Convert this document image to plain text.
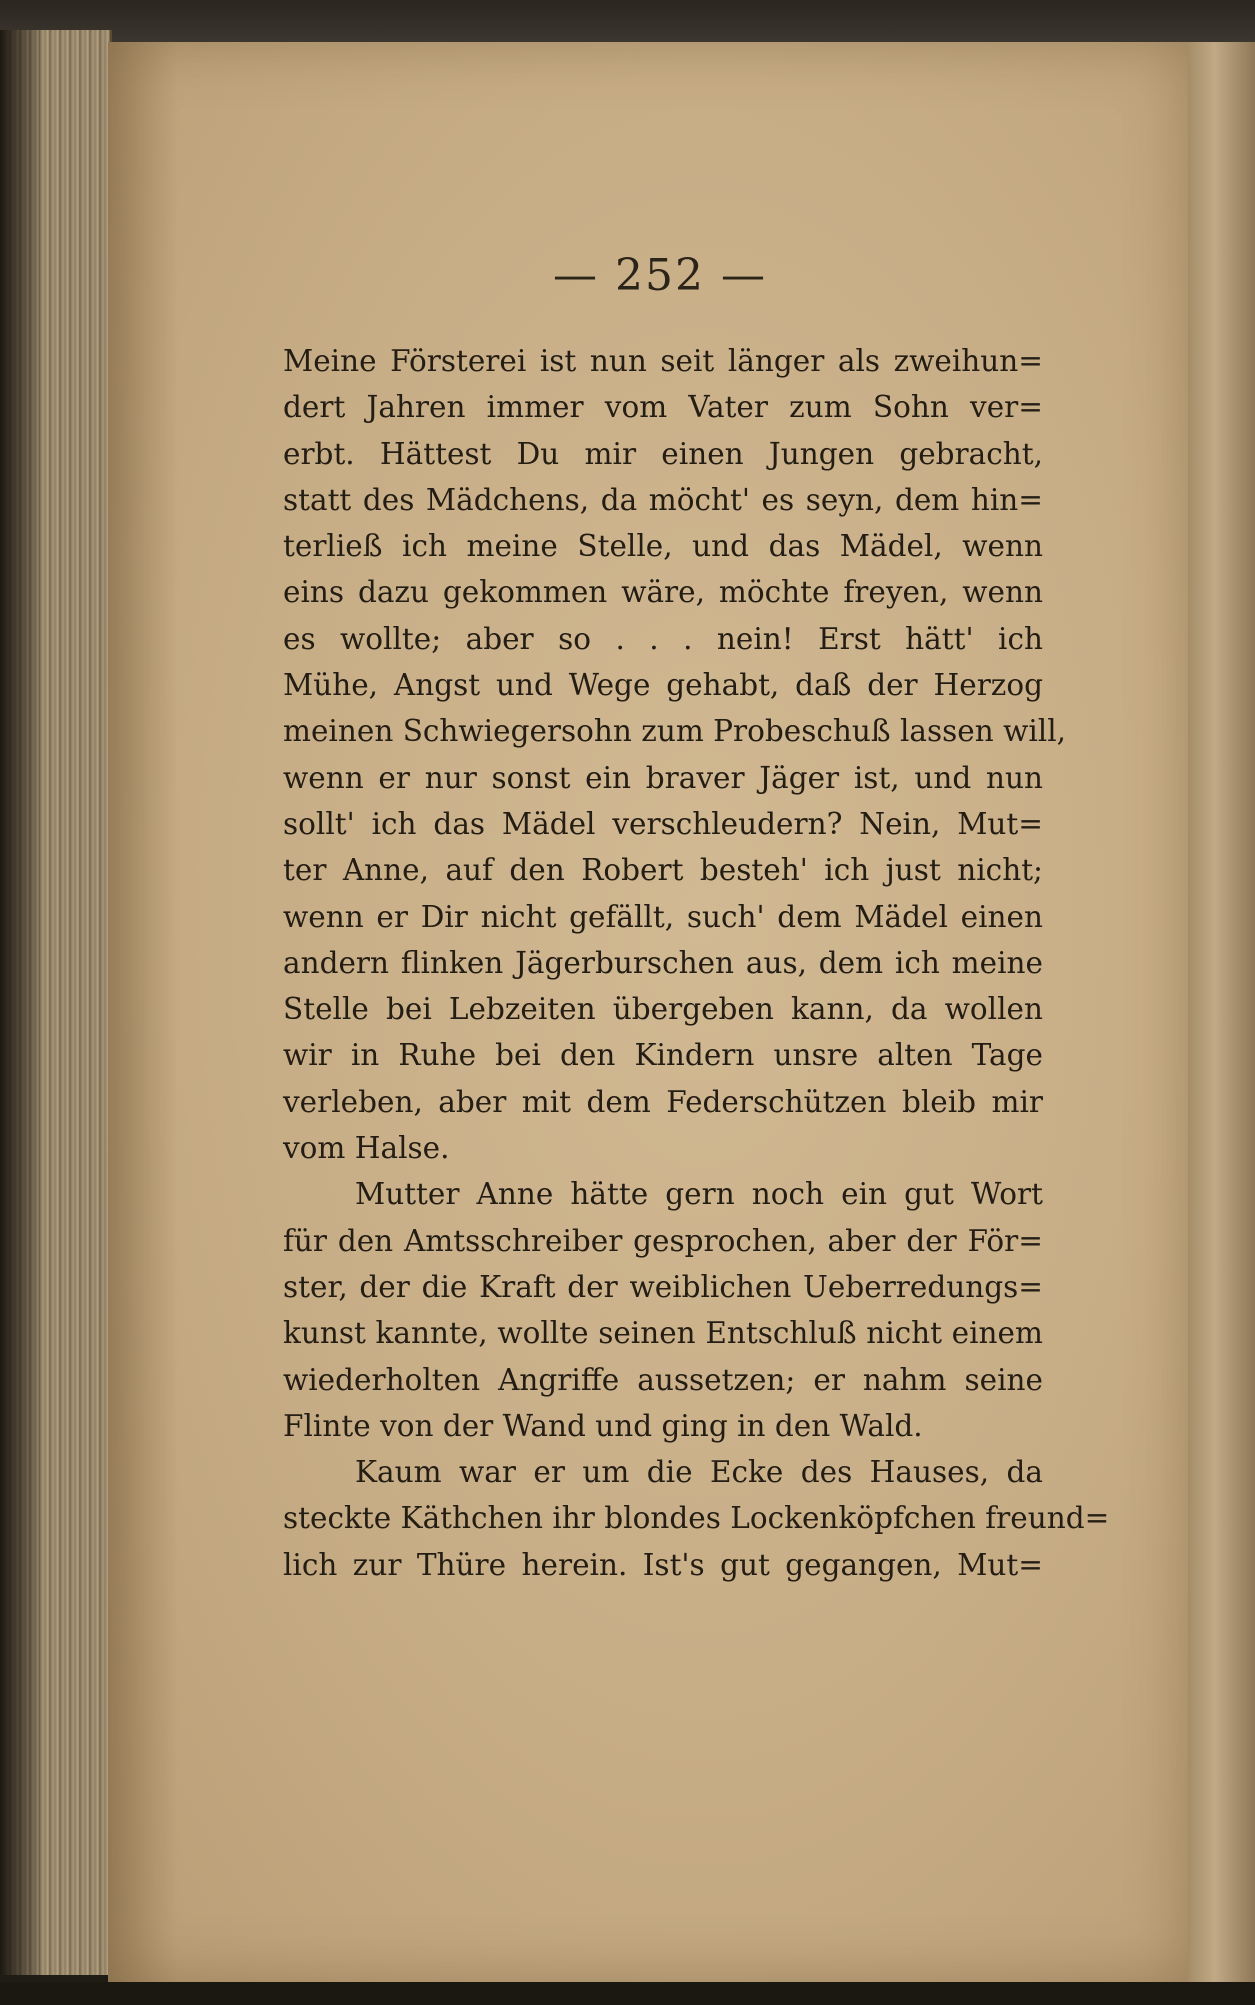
— 252 —
Meine Försterei ist nun seit länger als zweihun=
dert Jahren immer vom Vater zum Sohn ver=
erbt. Hättest Du mir einen Jungen gebracht,
statt des Mädchens, da möcht' es seyn, dem hin=
terließ ich meine Stelle, und das Mädel, wenn
eins dazu gekommen wäre, möchte freyen, wenn
es wollte; aber so . . . nein! Erst hätt' ich
Mühe, Angst und Wege gehabt, daß der Herzog
meinen Schwiegersohn zum Probeschuß lassen will,
wenn er nur sonst ein braver Jäger ist, und nun
sollt' ich das Mädel verschleudern? Nein, Mut=
ter Anne, auf den Robert besteh' ich just nicht;
wenn er Dir nicht gefällt, such' dem Mädel einen
andern flinken Jägerburschen aus, dem ich meine
Stelle bei Lebzeiten übergeben kann, da wollen
wir in Ruhe bei den Kindern unsre alten Tage
verleben, aber mit dem Federschützen bleib mir
vom Halse.
Mutter Anne hätte gern noch ein gut Wort
für den Amtsschreiber gesprochen, aber der För=
ster, der die Kraft der weiblichen Ueberredungs=
kunst kannte, wollte seinen Entschluß nicht einem
wiederholten Angriffe aussetzen; er nahm seine
Flinte von der Wand und ging in den Wald.
Kaum war er um die Ecke des Hauses, da
steckte Käthchen ihr blondes Lockenköpfchen freund=
lich zur Thüre herein. Ist's gut gegangen, Mut=
